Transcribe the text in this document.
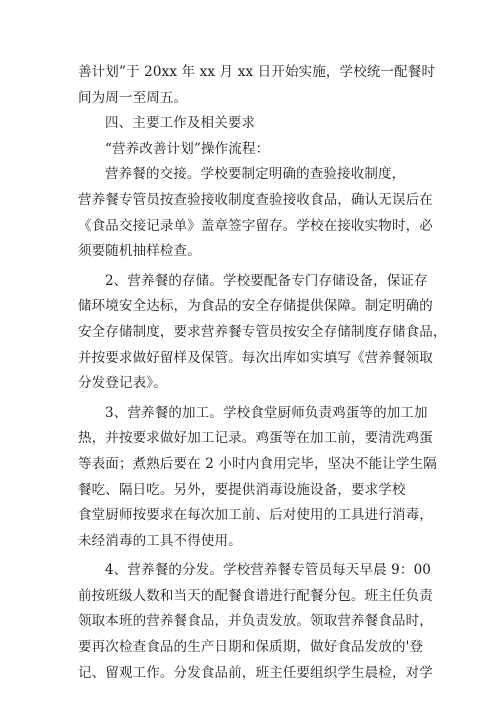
善计划”于 20xx 年 xx 月 xx 日开始实施，学校统一配餐时
间为周一至周五。
四、主要工作及相关要求
“营养改善计划”操作流程：
营养餐的交接。学校要制定明确的查验接收制度，
营养餐专管员按查验接收制度查验接收食品，确认无误后在
《食品交接记录单》盖章签字留存。学校在接收实物时，必
须要随机抽样检查。
2、营养餐的存储。学校要配备专门存储设备，保证存
储环境安全达标，为食品的安全存储提供保障。制定明确的
安全存储制度，要求营养餐专管员按安全存储制度存储食品，
并按要求做好留样及保管。每次出库如实填写《营养餐领取
分发登记表》。
3、营养餐的加工。学校食堂厨师负责鸡蛋等的加工加
热，并按要求做好加工记录。鸡蛋等在加工前，要清洗鸡蛋
等表面；煮熟后要在 2 小时内食用完毕，坚决不能让学生隔
餐吃、隔日吃。另外，要提供消毒设施设备，要求学校
食堂厨师按要求在每次加工前、后对使用的工具进行消毒，
未经消毒的工具不得使用。
4、营养餐的分发。学校营养餐专管员每天早晨 9：00
前按班级人数和当天的配餐食谱进行配餐分包。班主任负责
领取本班的营养餐食品，并负责发放。领取营养餐食品时，
要再次检查食品的生产日期和保质期，做好食品发放的'登
记、留观工作。分发食品前，班主任要组织学生晨检，对学
